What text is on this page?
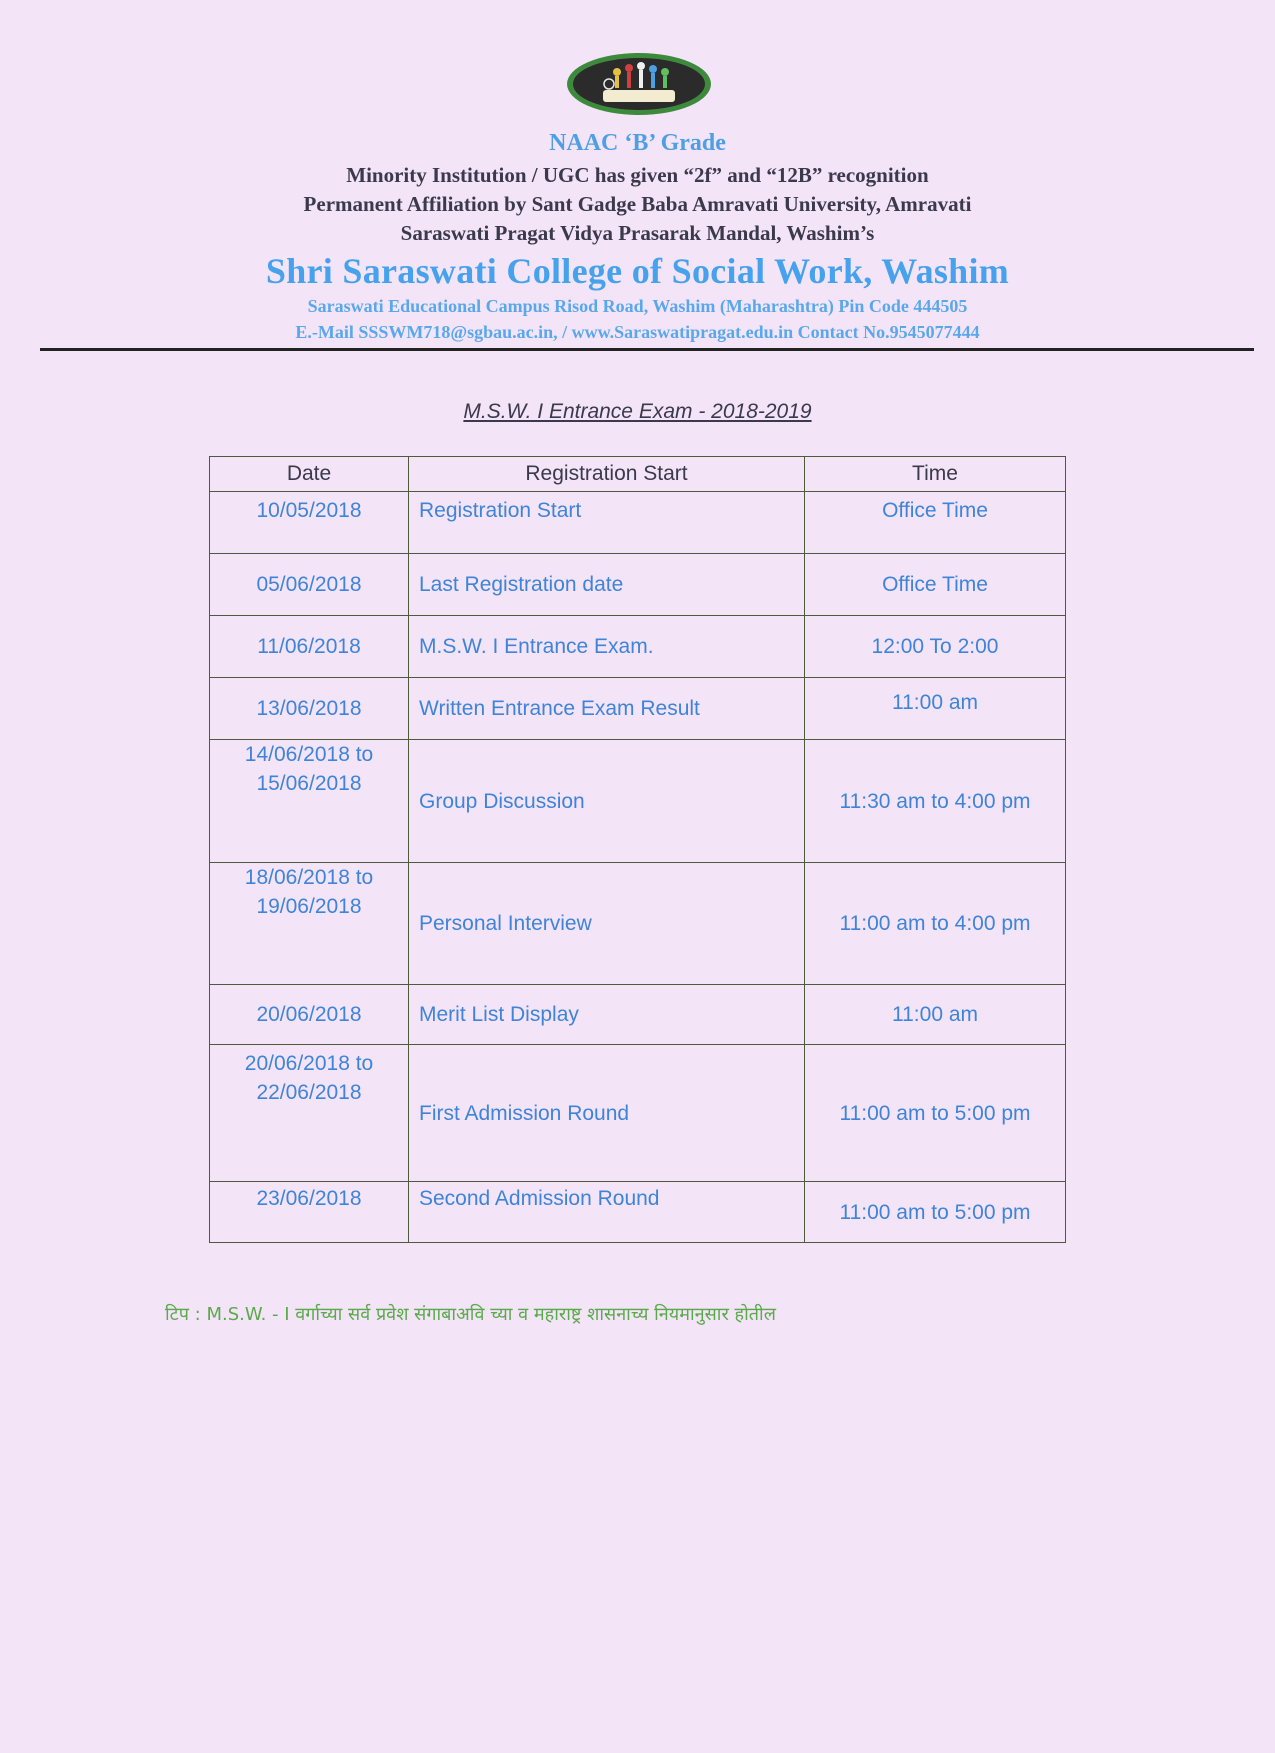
NAAC ‘B’ Grade
Minority Institution / UGC has given “2f” and “12B” recognition
Permanent Affiliation by Sant Gadge Baba Amravati University, Amravati
Saraswati Pragat Vidya Prasarak Mandal, Washim’s
Shri Saraswati College of Social Work, Washim
Saraswati Educational Campus Risod Road, Washim (Maharashtra) Pin Code 444505
E.-Mail SSSWM718@sgbau.ac.in, / www.Saraswatipragat.edu.in Contact No.9545077444
M.S.W. I Entrance Exam - 2018-2019
Date	Registration Start	Time
10/05/2018	Registration Start	Office Time
05/06/2018	Last Registration date	Office Time
11/06/2018	M.S.W. I Entrance Exam.	12:00 To 2:00
13/06/2018	Written Entrance Exam Result	11:00 am

14/06/2018 to
15/06/2018	Group Discussion	11:30 am to 4:00 pm

18/06/2018 to
19/06/2018	Personal Interview	11:00 am to 4:00 pm
20/06/2018	Merit List Display	11:00 am

20/06/2018 to
22/06/2018	First Admission Round	11:00 am to 5:00 pm
23/06/2018	Second Admission Round	11:00 am to 5:00 pm
टिप : M.S.W. - I वर्गाच्या सर्व प्रवेश संगाबाअवि च्या व महाराष्ट्र शासनाच्य नियमानुसार होतील
